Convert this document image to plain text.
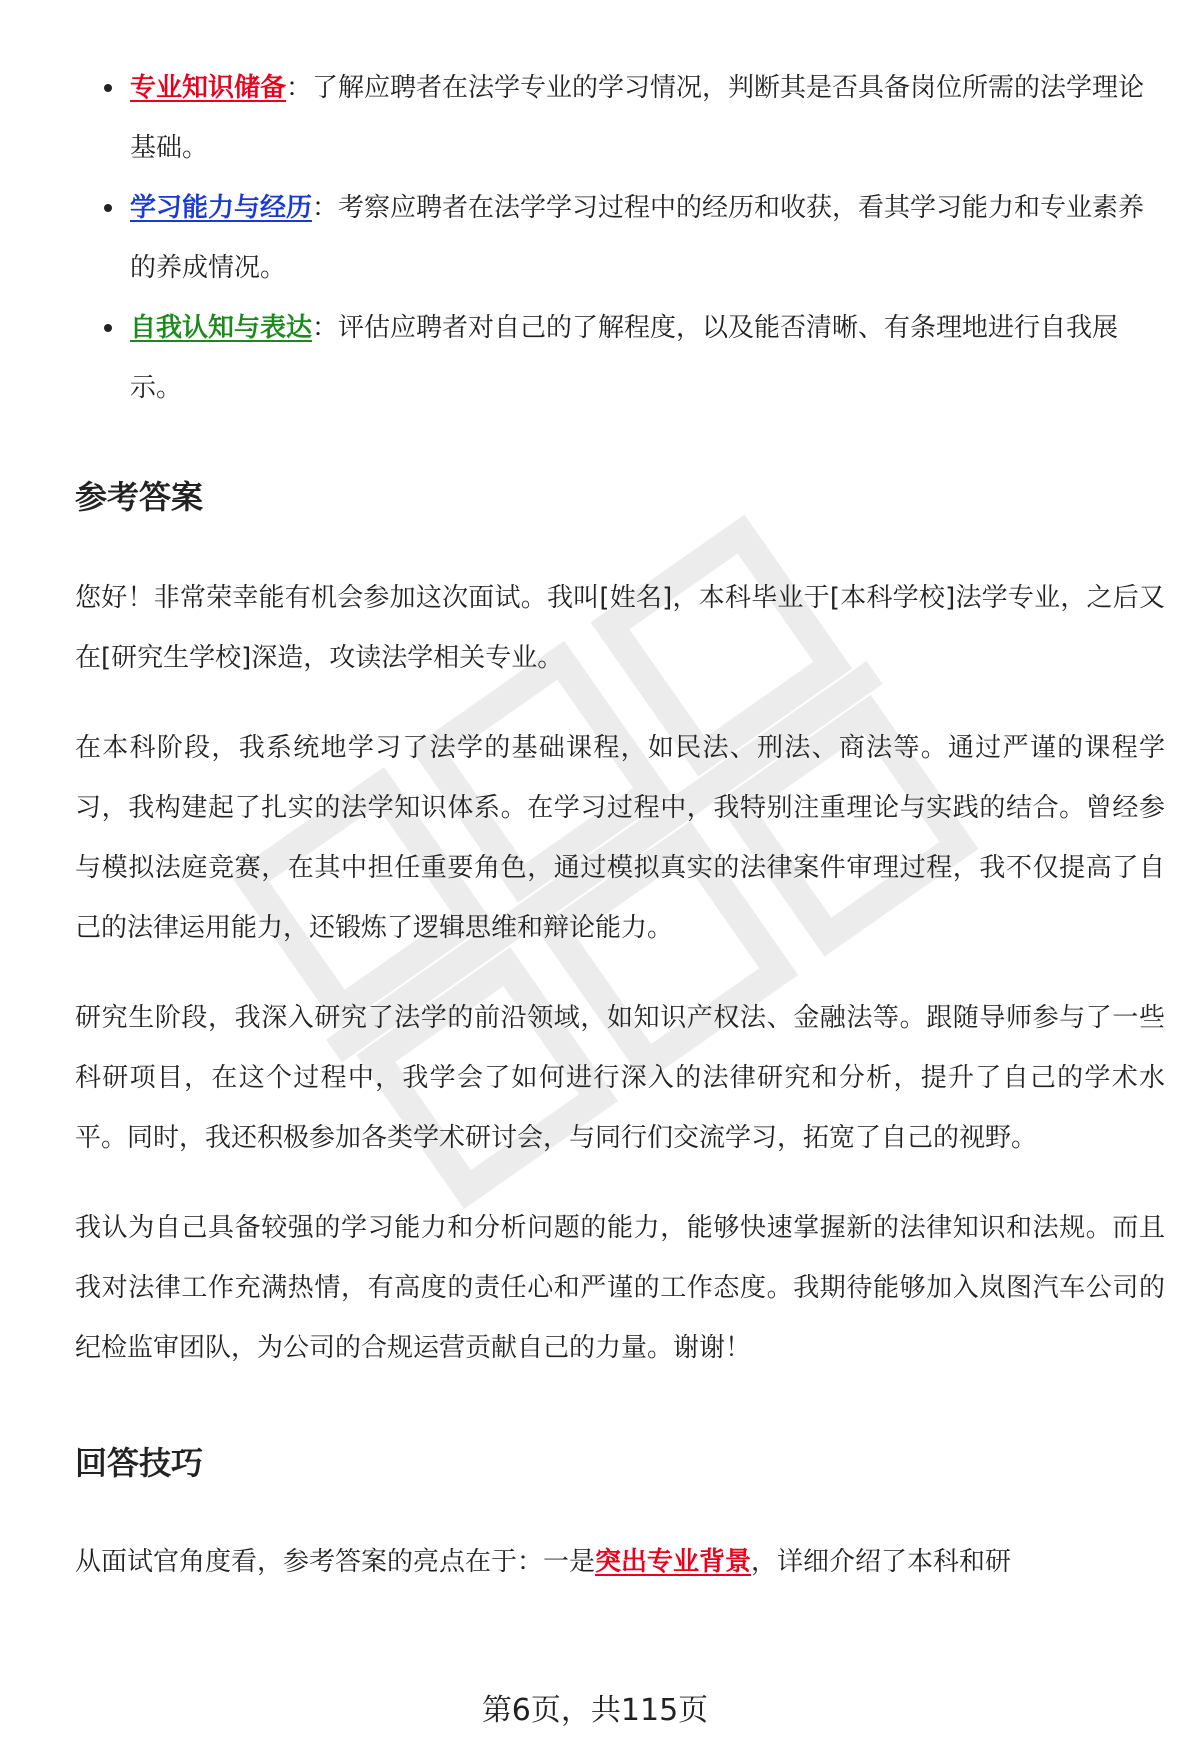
专业知识储备：了解应聘者在法学专业的学习情况，判断其是否具备岗位所需的法学理论基础。
学习能力与经历：考察应聘者在法学学习过程中的经历和收获，看其学习能力和专业素养的养成情况。
自我认知与表达：评估应聘者对自己的了解程度，以及能否清晰、有条理地进行自我展示。
参考答案

您好！非常荣幸能有机会参加这次面试。我叫[姓名]，本科毕业于[本科学校]法学专业，之后又在[研究生学校]深造，攻读法学相关专业。

在本科阶段，我系统地学习了法学的基础课程，如民法、刑法、商法等。通过严谨的课程学习，我构建起了扎实的法学知识体系。在学习过程中，我特别注重理论与实践的结合。曾经参与模拟法庭竞赛，在其中担任重要角色，通过模拟真实的法律案件审理过程，我不仅提高了自己的法律运用能力，还锻炼了逻辑思维和辩论能力。

研究生阶段，我深入研究了法学的前沿领域，如知识产权法、金融法等。跟随导师参与了一些科研项目，在这个过程中，我学会了如何进行深入的法律研究和分析，提升了自己的学术水平。同时，我还积极参加各类学术研讨会，与同行们交流学习，拓宽了自己的视野。

我认为自己具备较强的学习能力和分析问题的能力，能够快速掌握新的法律知识和法规。而且我对法律工作充满热情，有高度的责任心和严谨的工作态度。我期待能够加入岚图汽车公司的纪检监审团队，为公司的合规运营贡献自己的力量。谢谢！

回答技巧

从面试官角度看，参考答案的亮点在于：一是突出专业背景，详细介绍了本科和研

第6页，共115页
